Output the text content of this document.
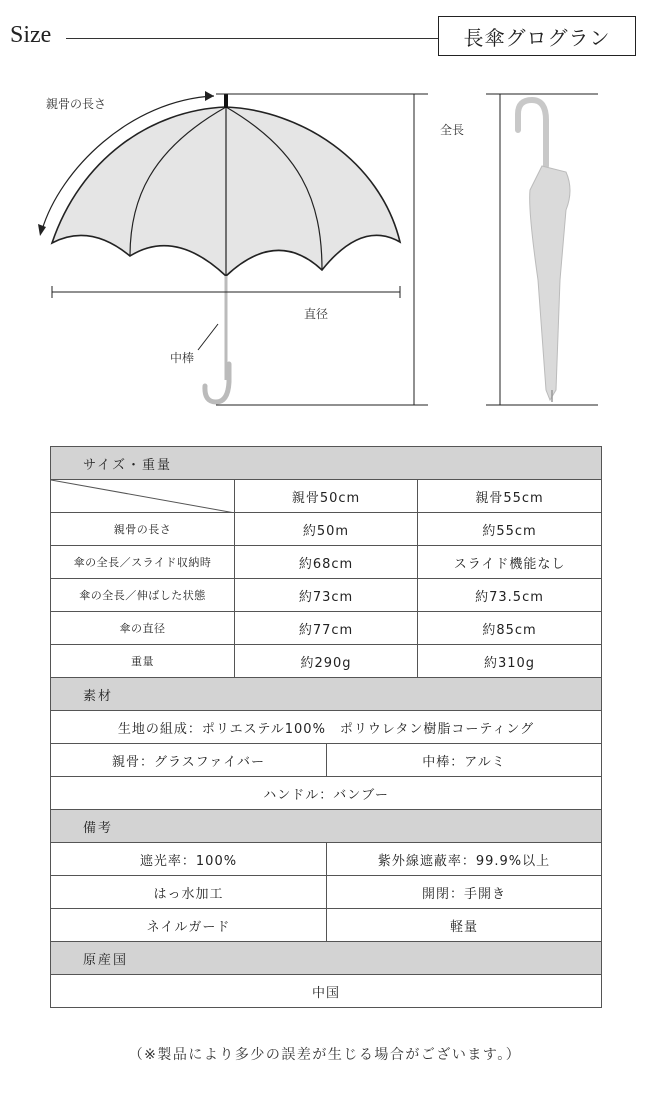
Size	長傘グログラン
親骨の長さ
全長
直径
中棒
サイズ・重量			

	親骨50cm		親骨55cm
親骨の長さ	約50m		約55cm
傘の全長／スライド収納時	約68cm		スライド機能なし
傘の全長／伸ばした状態	約73cm		約73.5cm
傘の直径	約77cm		約85cm
重量	約290g		約310g
素材			
生地の組成：ポリエステル100%　ポリウレタン樹脂コーティング			
親骨：グラスファイバー		中棒：アルミ	
ハンドル：バンブー			
備考			
遮光率：100%		紫外線遮蔽率：99.9%以上	
はっ水加工		開閉：手開き	
ネイルガード		軽量	
原産国			
中国			
（※製品により多少の誤差が生じる場合がございます。）
